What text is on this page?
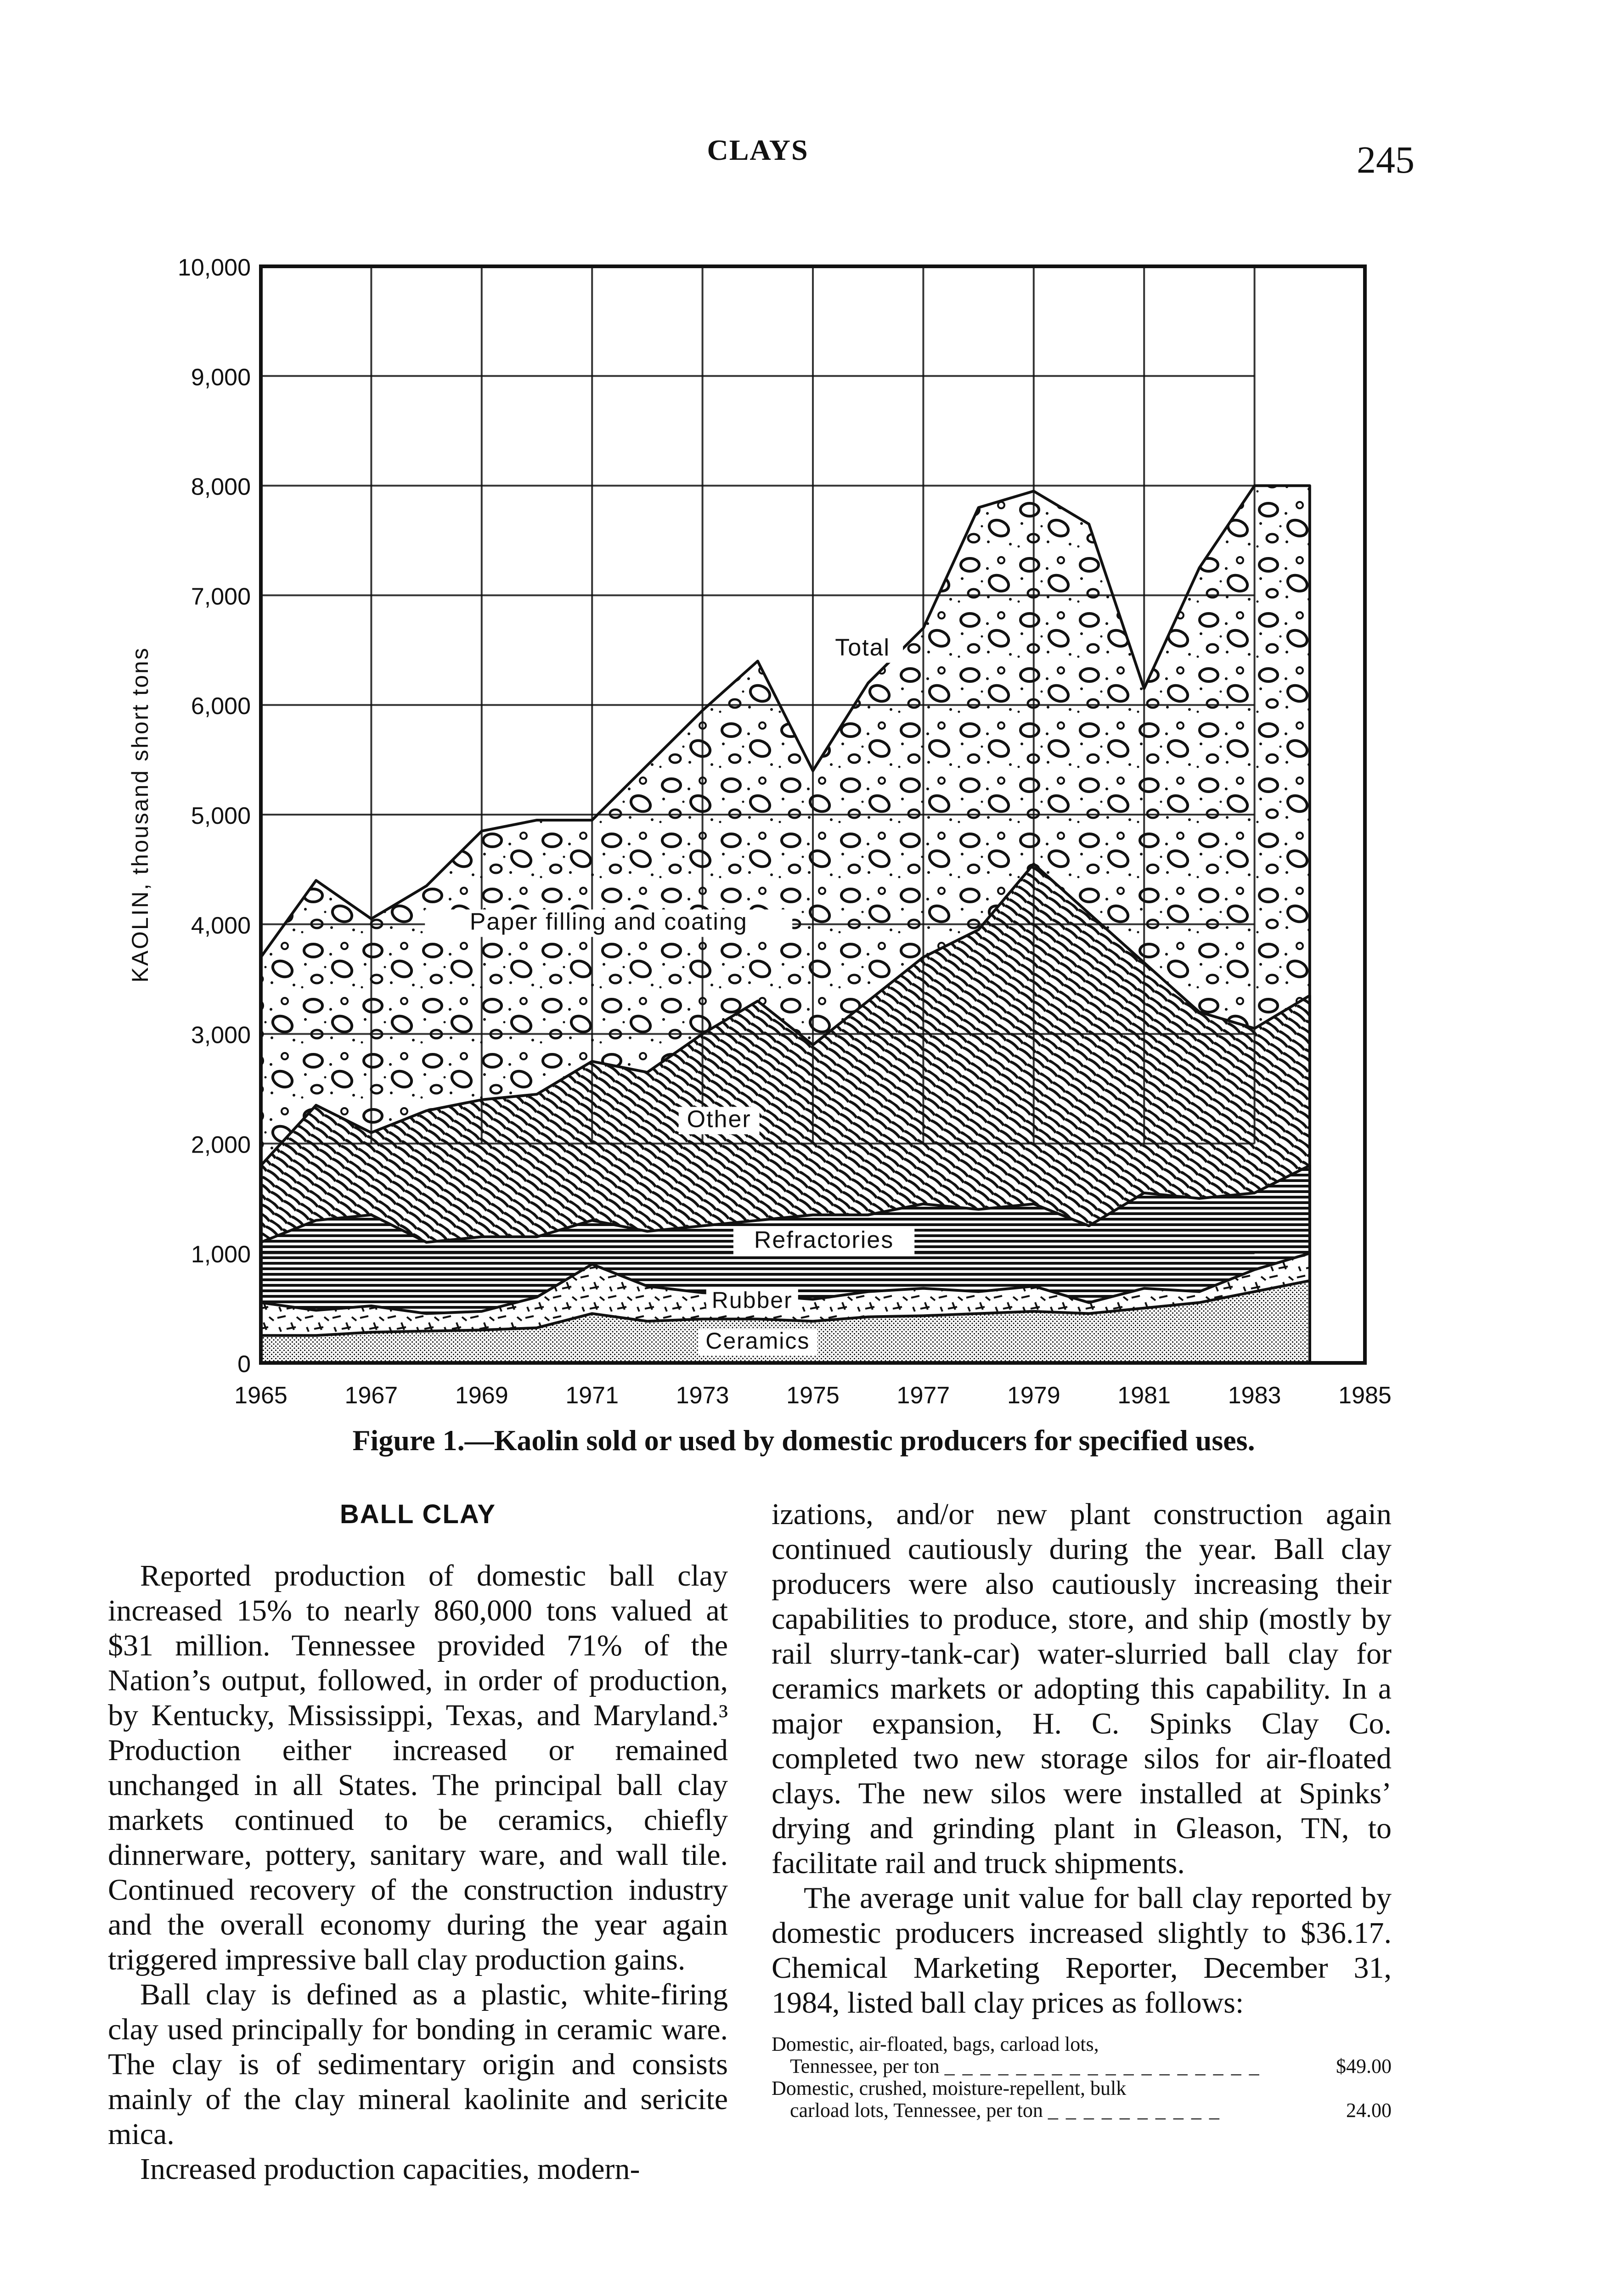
CLAYS	245
0
1,000
2,000
3,000
4,000
5,000
6,000
7,000
8,000
9,000
10,000
1965 1967 1969 1971 1973 1975 1977 1979 1981 1983 1985
KAOLIN, thousand short tons	Total
Paper filling and coating
Other
Refractories
Rubber
Ceramics
Figure 1.—Kaolin sold or used by domestic producers for specified uses.
BALL CLAY

Reported production of domestic ball clay increased 15% to nearly 860,000 tons valued at $31 million. Tennessee provided 71% of the Nation’s output, followed, in order of production, by Kentucky, Mississippi, Texas, and Maryland.³ Production either increased or remained unchanged in all States. The principal ball clay markets continued to be ceramics, chiefly dinnerware, pottery, sanitary ware, and wall tile. Continued recovery of the construction industry and the overall economy during the year again triggered impressive ball clay production gains.

Ball clay is defined as a plastic, white-firing clay used principally for bonding in ceramic ware. The clay is of sedimentary origin and consists mainly of the clay mineral kaolinite and sericite mica.

Increased production capacities, modern-

izations, and/or new plant construction again continued cautiously during the year. Ball clay producers were also cautiously increasing their capabilities to produce, store, and ship (mostly by rail slurry-tank-car) water-slurried ball clay for ceramics markets or adopting this capability. In a major expansion, H. C. Spinks Clay Co. completed two new storage silos for air-floated clays. The new silos were installed at Spinks’ drying and grinding plant in Gleason, TN, to facilitate rail and truck shipments.

The average unit value for ball clay reported by domestic producers increased slightly to $36.17. Chemical Marketing Reporter, December 31, 1984, listed ball clay prices as follows:

Domestic, air-floated, bags, carload lots,
Tennessee, per ton _ _ _ _ _ _ _ _ _ _ _ _ _ _ _ _ _ _	$49.00
Domestic, crushed, moisture-repellent, bulk
carload lots, Tennessee, per ton _ _ _ _ _ _ _ _ _ _	24.00
